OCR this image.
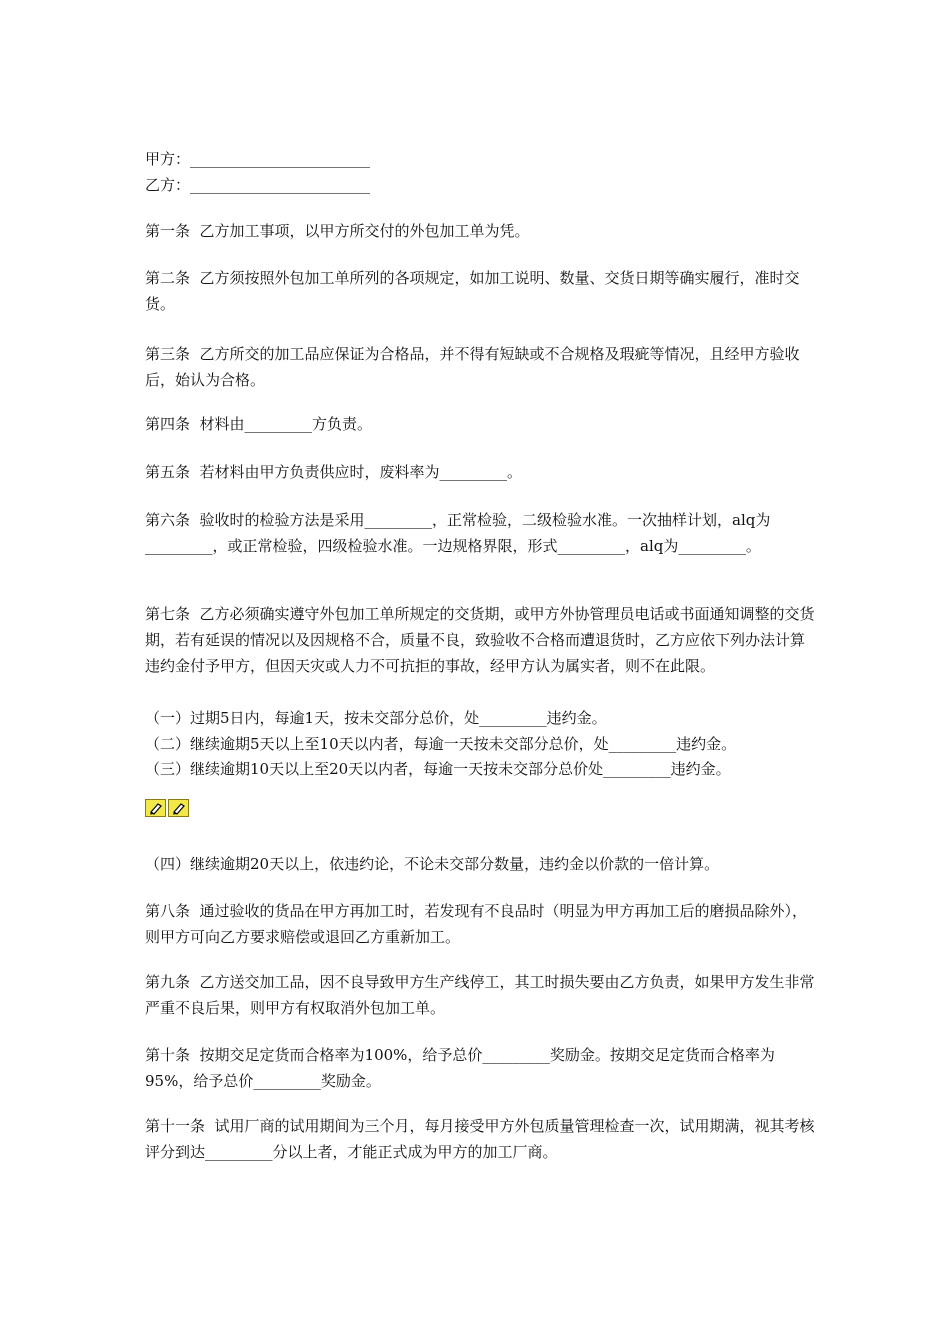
甲方：________________________
乙方：________________________
第一条  乙方加工事项，以甲方所交付的外包加工单为凭。
第二条  乙方须按照外包加工单所列的各项规定，如加工说明、数量、交货日期等确实履行，准时交货。
第三条  乙方所交的加工品应保证为合格品，并不得有短缺或不合规格及瑕疵等情况，且经甲方验收后，始认为合格。
第四条  材料由_________方负责。
第五条  若材料由甲方负责供应时，废料率为_________。
第六条  验收时的检验方法是采用_________，正常检验，二级检验水准。一次抽样计划，alq为_________，或正常检验，四级检验水准。一边规格界限，形式_________，alq为_________。
第七条  乙方必须确实遵守外包加工单所规定的交货期，或甲方外协管理员电话或书面通知调整的交货期，若有延误的情况以及因规格不合，质量不良，致验收不合格而遭退货时，乙方应依下列办法计算违约金付予甲方，但因天灾或人力不可抗拒的事故，经甲方认为属实者，则不在此限。
（一）过期5日内，每逾1天，按未交部分总价，处_________违约金。
（二）继续逾期5天以上至10天以内者，每逾一天按未交部分总价，处_________违约金。
（三）继续逾期10天以上至20天以内者，每逾一天按未交部分总价处_________违约金。
（四）继续逾期20天以上，依违约论，不论未交部分数量，违约金以价款的一倍计算。
第八条  通过验收的货品在甲方再加工时，若发现有不良品时（明显为甲方再加工后的磨损品除外），则甲方可向乙方要求赔偿或退回乙方重新加工。
第九条  乙方送交加工品，因不良导致甲方生产线停工，其工时损失要由乙方负责，如果甲方发生非常严重不良后果，则甲方有权取消外包加工单。
第十条  按期交足定货而合格率为100%，给予总价_________奖励金。按期交足定货而合格率为95%，给予总价_________奖励金。
第十一条  试用厂商的试用期间为三个月，每月接受甲方外包质量管理检查一次，试用期满，视其考核评分到达_________分以上者，才能正式成为甲方的加工厂商。
